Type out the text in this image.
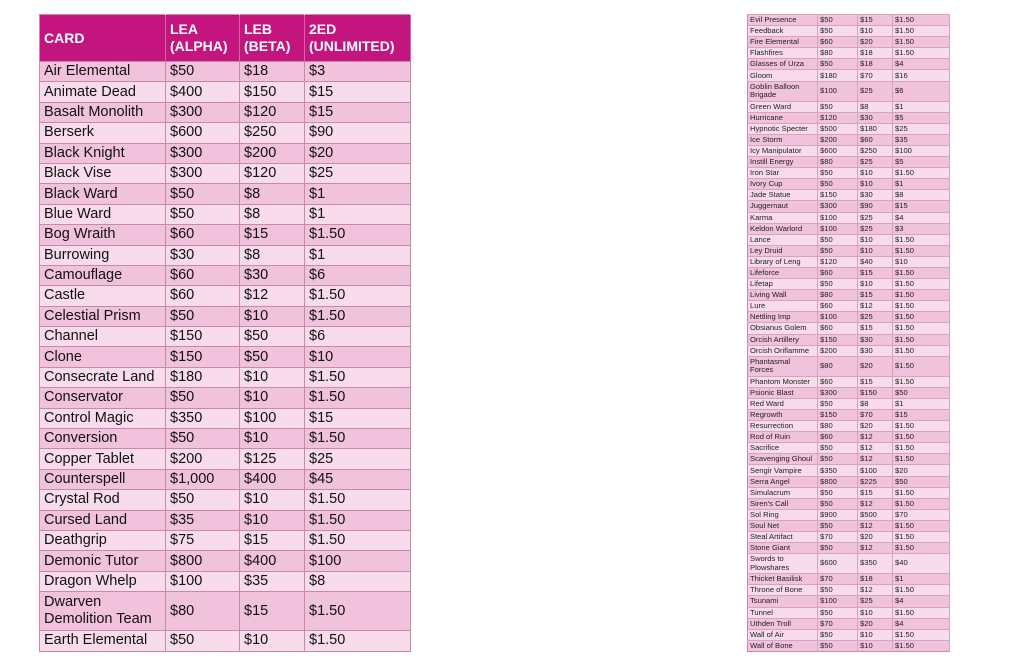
CARD	LEA (ALPHA)	LEB (BETA)	2ED (UNLIMITED)
Air Elemental	$50	$18	$3
Animate Dead	$400	$150	$15
Basalt Monolith	$300	$120	$15
Berserk	$600	$250	$90
Black Knight	$300	$200	$20
Black Vise	$300	$120	$25
Black Ward	$50	$8	$1
Blue Ward	$50	$8	$1
Bog Wraith	$60	$15	$1.50
Burrowing	$30	$8	$1
Camouflage	$60	$30	$6
Castle	$60	$12	$1.50
Celestial Prism	$50	$10	$1.50
Channel	$150	$50	$6
Clone	$150	$50	$10
Consecrate Land	$180	$10	$1.50
Conservator	$50	$10	$1.50
Control Magic	$350	$100	$15
Conversion	$50	$10	$1.50
Copper Tablet	$200	$125	$25
Counterspell	$1,000	$400	$45
Crystal Rod	$50	$10	$1.50
Cursed Land	$35	$10	$1.50
Deathgrip	$75	$15	$1.50
Demonic Tutor	$800	$400	$100
Dragon Whelp	$100	$35	$8
Dwarven Demolition Team	$80	$15	$1.50
Earth Elemental	$50	$10	$1.50
Evil Presence	$50	$15	$1.50
Feedback	$50	$10	$1.50
Fire Elemental	$60	$20	$1.50
Flashfires	$80	$18	$1.50
Glasses of Urza	$50	$18	$4
Gloom	$180	$70	$16
Goblin Balloon Brigade	$100	$25	$6
Green Ward	$50	$8	$1
Hurricane	$120	$30	$5
Hypnotic Specter	$500	$180	$25
Ice Storm	$200	$60	$35
Icy Manipulator	$600	$250	$100
Instill Energy	$80	$25	$5
Iron Star	$50	$10	$1.50
Ivory Cup	$50	$10	$1
Jade Statue	$150	$30	$8
Juggernaut	$300	$90	$15
Karma	$100	$25	$4
Keldon Warlord	$100	$25	$3
Lance	$50	$10	$1.50
Ley Druid	$50	$10	$1.50
Library of Leng	$120	$40	$10
Lifeforce	$60	$15	$1.50
Lifetap	$50	$10	$1.50
Living Wall	$80	$15	$1.50
Lure	$60	$12	$1.50
Nettling Imp	$100	$25	$1.50
Obsianus Golem	$60	$15	$1.50
Orcish Artillery	$150	$30	$1.50
Orcish Oriflamme	$200	$30	$1.50
Phantasmal Forces	$80	$20	$1.50
Phantom Monster	$60	$15	$1.50
Psionic Blast	$300	$150	$50
Red Ward	$50	$8	$1
Regrowth	$150	$70	$15
Resurrection	$80	$20	$1.50
Rod of Ruin	$60	$12	$1.50
Sacrifice	$50	$12	$1.50
Scavenging Ghoul	$50	$12	$1.50
Sengir Vampire	$350	$100	$20
Serra Angel	$800	$225	$50
Simulacrum	$50	$15	$1.50
Siren's Call	$50	$12	$1.50
Sol Ring	$900	$500	$70
Soul Net	$50	$12	$1.50
Steal Artifact	$70	$20	$1.50
Stone Giant	$50	$12	$1.50
Swords to Plowshares	$600	$350	$40
Thicket Basilisk	$70	$18	$1
Throne of Bone	$50	$12	$1.50
Tsunami	$100	$25	$4
Tunnel	$50	$10	$1.50
Uthden Troll	$70	$20	$4
Wall of Air	$50	$10	$1.50
Wall of Bone	$50	$10	$1.50
